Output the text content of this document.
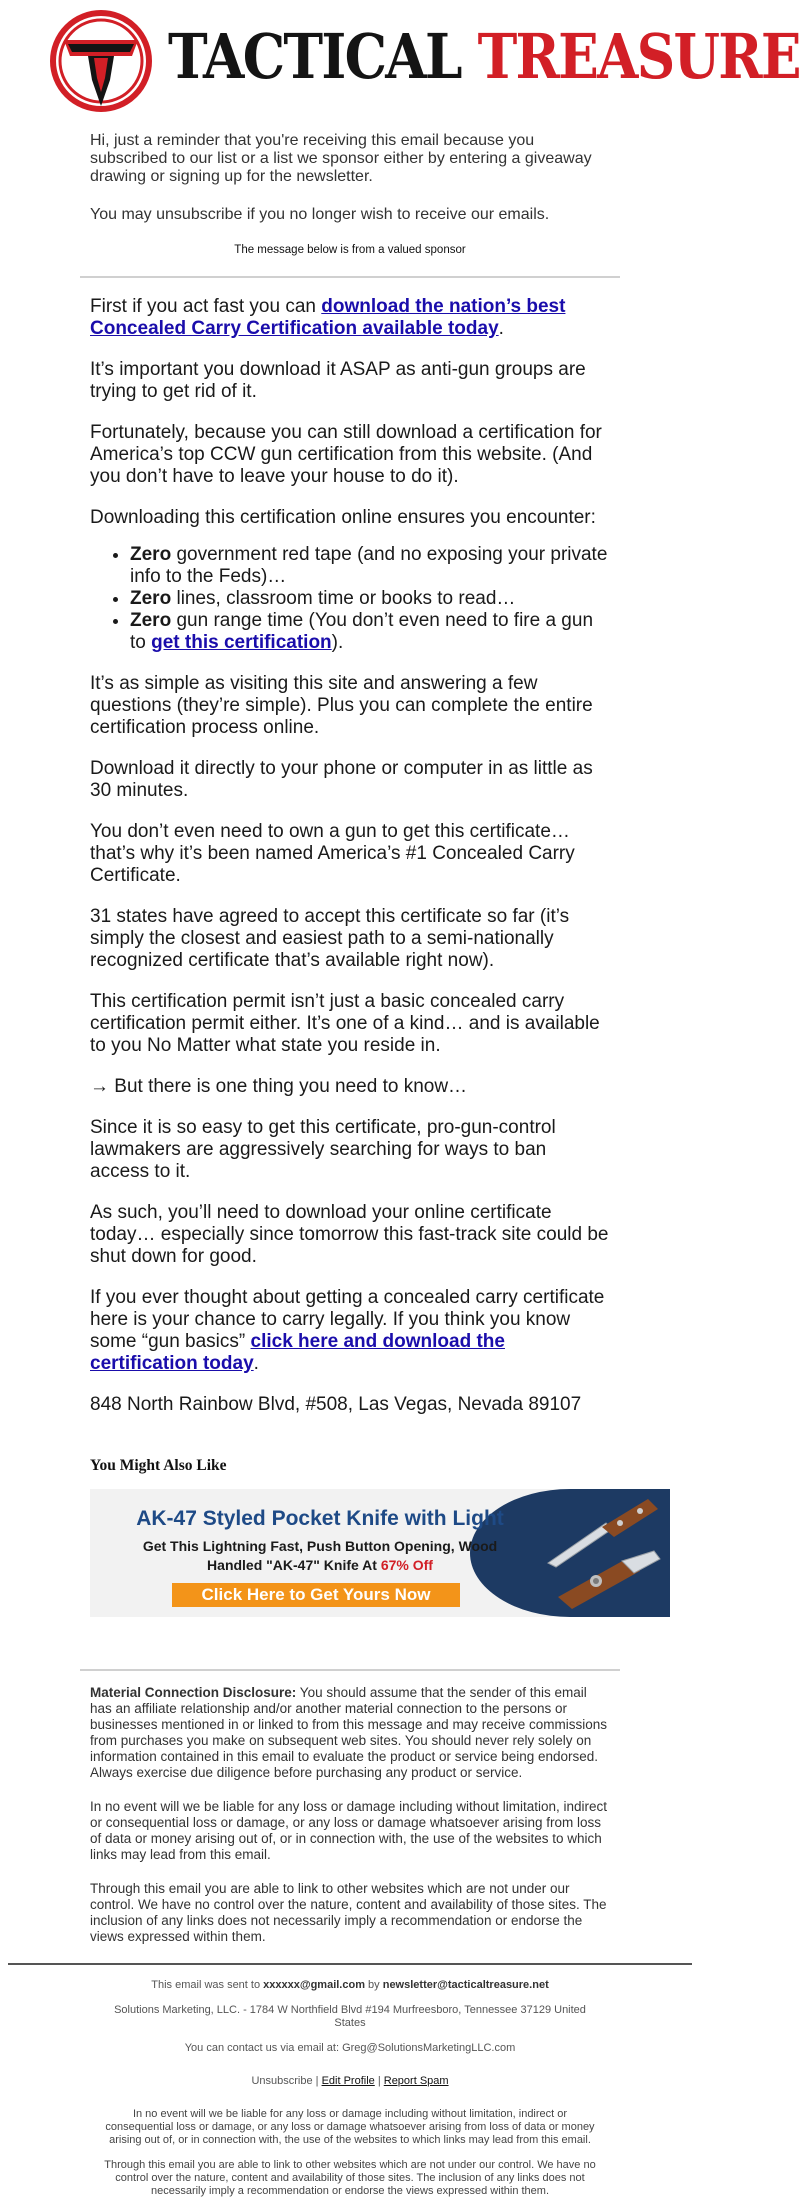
TACTICAL TREASURE

Hi, just a reminder that you're receiving this email because you subscribed to our list or a list we sponsor either by entering a giveaway drawing or signing up for the newsletter.

You may unsubscribe if you no longer wish to receive our emails.

The message below is from a valued sponsor

First if you act fast you can download the nation’s best Concealed Carry Certification available today.

It’s important you download it ASAP as anti-gun groups are trying to get rid of it.

Fortunately, because you can still download a certification for America’s top CCW gun certification from this website. (And you don’t have to leave your house to do it).

Downloading this certification online ensures you encounter:

• Zero government red tape (and no exposing your private info to the Feds)…
• Zero lines, classroom time or books to read…
• Zero gun range time (You don’t even need to fire a gun to get this certification).

It’s as simple as visiting this site and answering a few questions (they’re simple). Plus you can complete the entire certification process online.

Download it directly to your phone or computer in as little as 30 minutes.

You don’t even need to own a gun to get this certificate…
that’s why it’s been named America’s #1 Concealed Carry Certificate.

31 states have agreed to accept this certificate so far (it’s simply the closest and easiest path to a semi-nationally recognized certificate that’s available right now).

This certification permit isn’t just a basic concealed carry certification permit either. It’s one of a kind… and is available to you No Matter what state you reside in.

→ But there is one thing you need to know…

Since it is so easy to get this certificate, pro-gun-control lawmakers are aggressively searching for ways to ban access to it.

As such, you’ll need to download your online certificate today… especially since tomorrow this fast-track site could be shut down for good.

If you ever thought about getting a concealed carry certificate here is your chance to carry legally. If you think you know some “gun basics” click here and download the certification today.

848 North Rainbow Blvd, #508, Las Vegas, Nevada 89107

You Might Also Like
AK-47 Styled Pocket Knife with Light
Get This Lightning Fast, Push Button Opening, Wood
Handled "AK-47" Knife At 67% Off
Click Here to Get Yours Now

Material Connection Disclosure: You should assume that the sender of this email has an affiliate relationship and/or another material connection to the persons or businesses mentioned in or linked to from this message and may receive commissions from purchases you make on subsequent web sites. You should never rely solely on information contained in this email to evaluate the product or service being endorsed. Always exercise due diligence before purchasing any product or service.

In no event will we be liable for any loss or damage including without limitation, indirect or consequential loss or damage, or any loss or damage whatsoever arising from loss of data or money arising out of, or in connection with, the use of the websites to which links may lead from this email.

Through this email you are able to link to other websites which are not under our control. We have no control over the nature, content and availability of those sites. The inclusion of any links does not necessarily imply a recommendation or endorse the views expressed within them.

This email was sent to xxxxxx@gmail.com by newsletter@tacticaltreasure.net

Solutions Marketing, LLC. - 1784 W Northfield Blvd #194 Murfreesboro, Tennessee 37129 United States

You can contact us via email at: Greg@SolutionsMarketingLLC.com

Unsubscribe | Edit Profile | Report Spam

In no event will we be liable for any loss or damage including without limitation, indirect or consequential loss or damage, or any loss or damage whatsoever arising from loss of data or money arising out of, or in connection with, the use of the websites to which links may lead from this email.

Through this email you are able to link to other websites which are not under our control. We have no control over the nature, content and availability of those sites. The inclusion of any links does not necessarily imply a recommendation or endorse the views expressed within them.
